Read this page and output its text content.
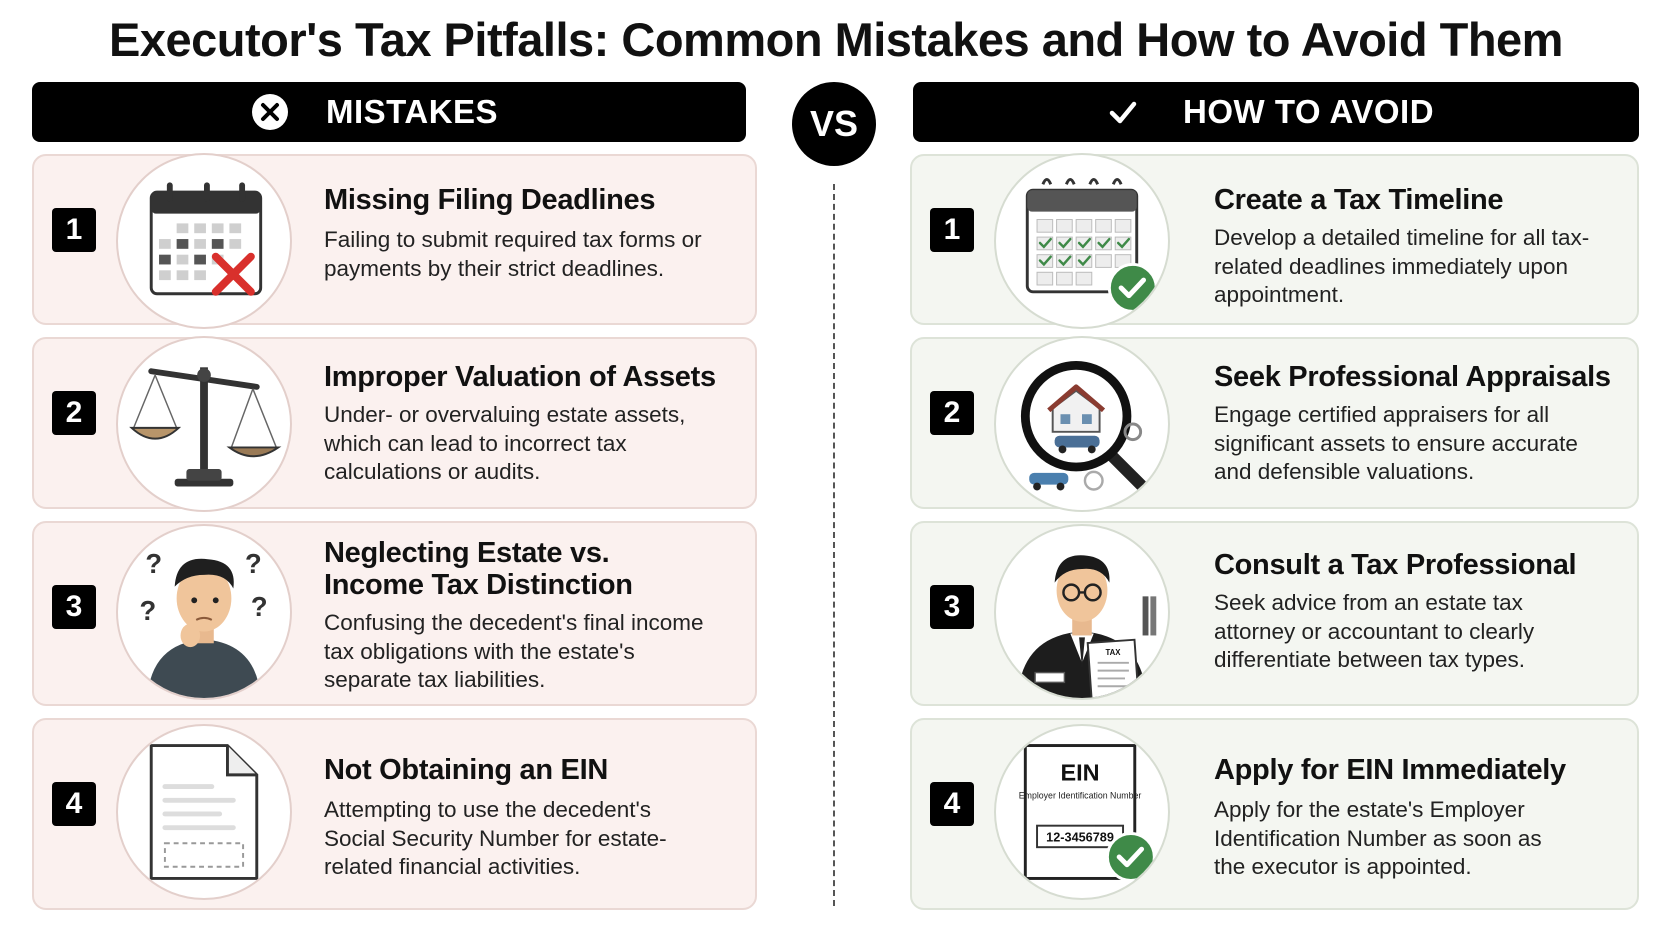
Executor's Tax Pitfalls: Common Mistakes and How to Avoid Them
MISTAKES	VS	HOW TO AVOID
1
Missing Filing Deadlines
Failing to submit required tax forms or payments by their strict deadlines.
2
Improper Valuation of Assets
Under- or overvaluing estate assets, which can lead to incorrect tax calculations or audits.
3
?	?
?	?
Neglecting Estate vs.
Income Tax Distinction
Confusing the decedent's final income tax obligations with the estate's separate tax liabilities.
4
Not Obtaining an EIN
Attempting to use the decedent's Social Security Number for estate-related financial activities.
1
Create a Tax Timeline
Develop a detailed timeline for all tax-related deadlines immediately upon appointment.
2
Seek Professional Appraisals
Engage certified appraisers for all significant assets to ensure accurate and defensible valuations.
3
TAX
Consult a Tax Professional
Seek advice from an estate tax attorney or accountant to clearly differentiate between tax types.
4
EIN
Employer Identification Number
12-3456789
Apply for EIN Immediately
Apply for the estate's Employer Identification Number as soon as the executor is appointed.
